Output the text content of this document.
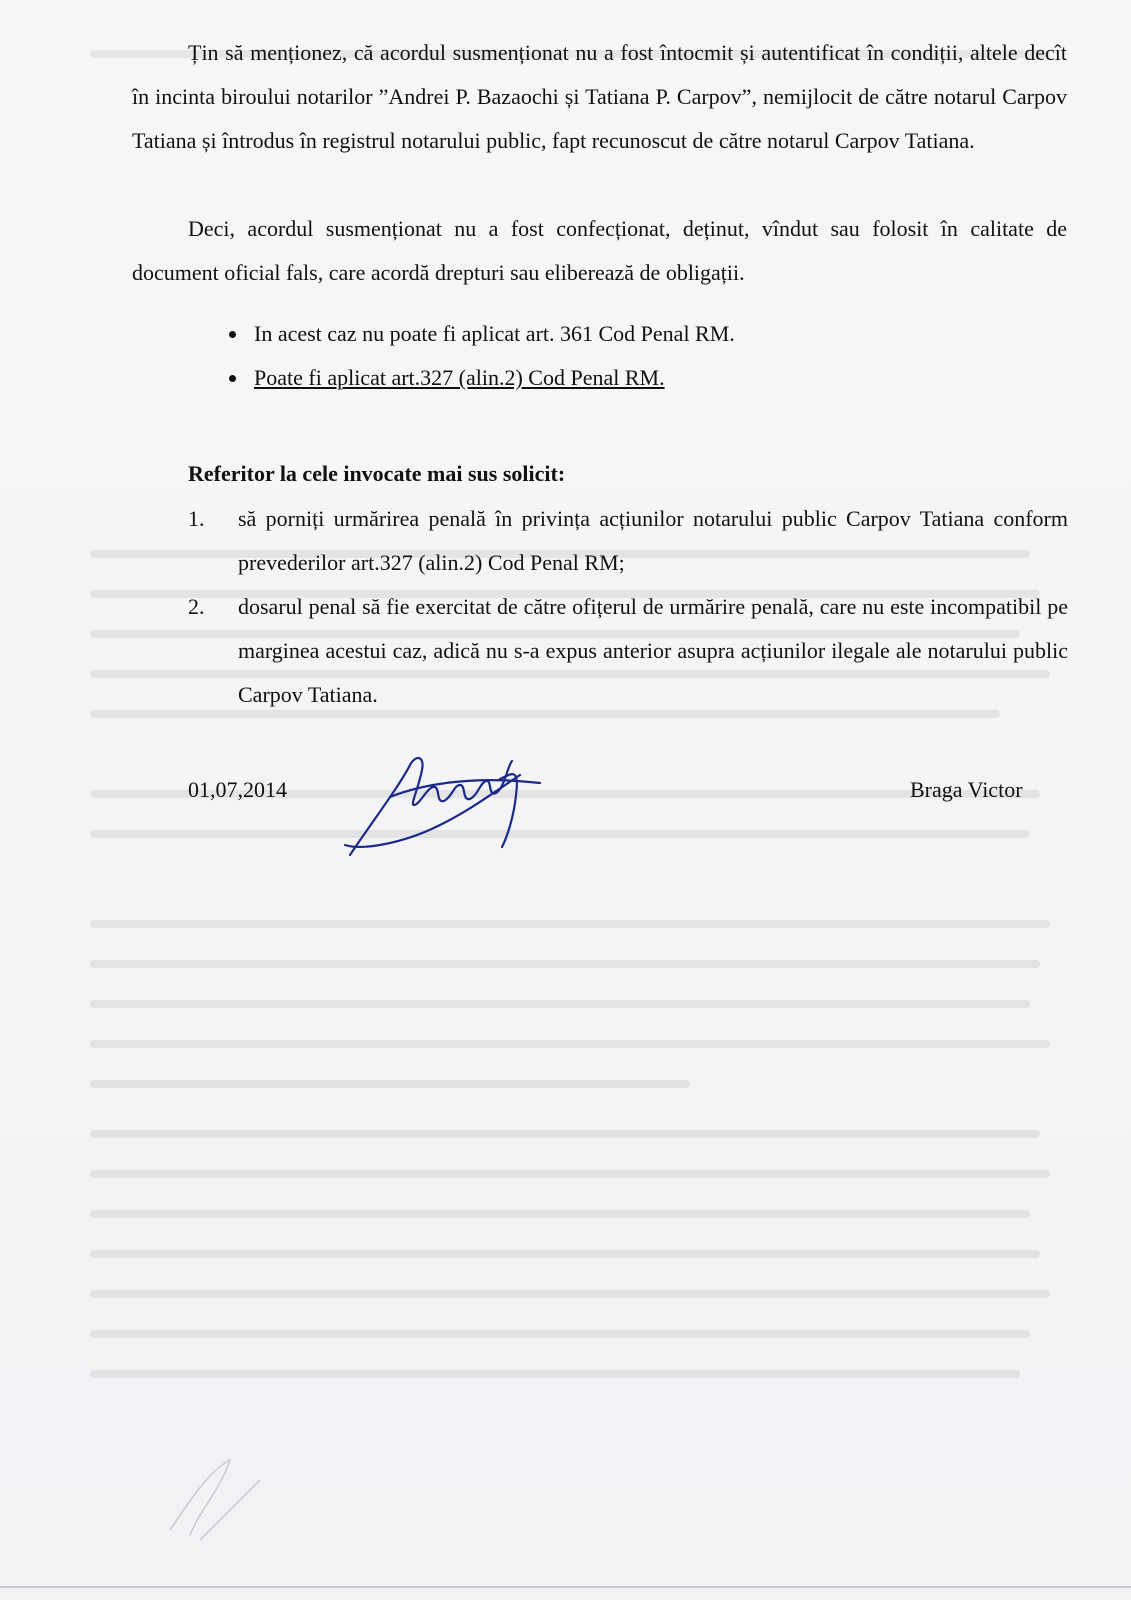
Țin să menționez, că acordul susmenționat nu a fost întocmit și autentificat în condiții, altele decît în incinta biroului notarilor ”Andrei P. Bazaochi și Tatiana P. Carpov”, nemijlocit de către notarul Carpov Tatiana și întrodus în registrul notarului public, fapt recunoscut de către notarul Carpov Tatiana.
Deci, acordul susmenționat nu a fost confecționat, deținut, vîndut sau folosit în calitate de document oficial fals, care acordă drepturi sau eliberează de obligații.
In acest caz nu poate fi aplicat art. 361 Cod Penal RM.
Poate fi aplicat art.327 (alin.2) Cod Penal RM.
Referitor la cele invocate mai sus solicit:
1. să porniți urmărirea penală în privința acțiunilor notarului public Carpov Tatiana conform prevederilor art.327 (alin.2) Cod Penal RM;
2. dosarul penal să fie exercitat de către ofițerul de urmărire penală, care nu este incompatibil pe marginea acestui caz, adică nu s-a expus anterior asupra acțiunilor ilegale ale notarului public Carpov Tatiana.
01,07,2014	Braga Victor
